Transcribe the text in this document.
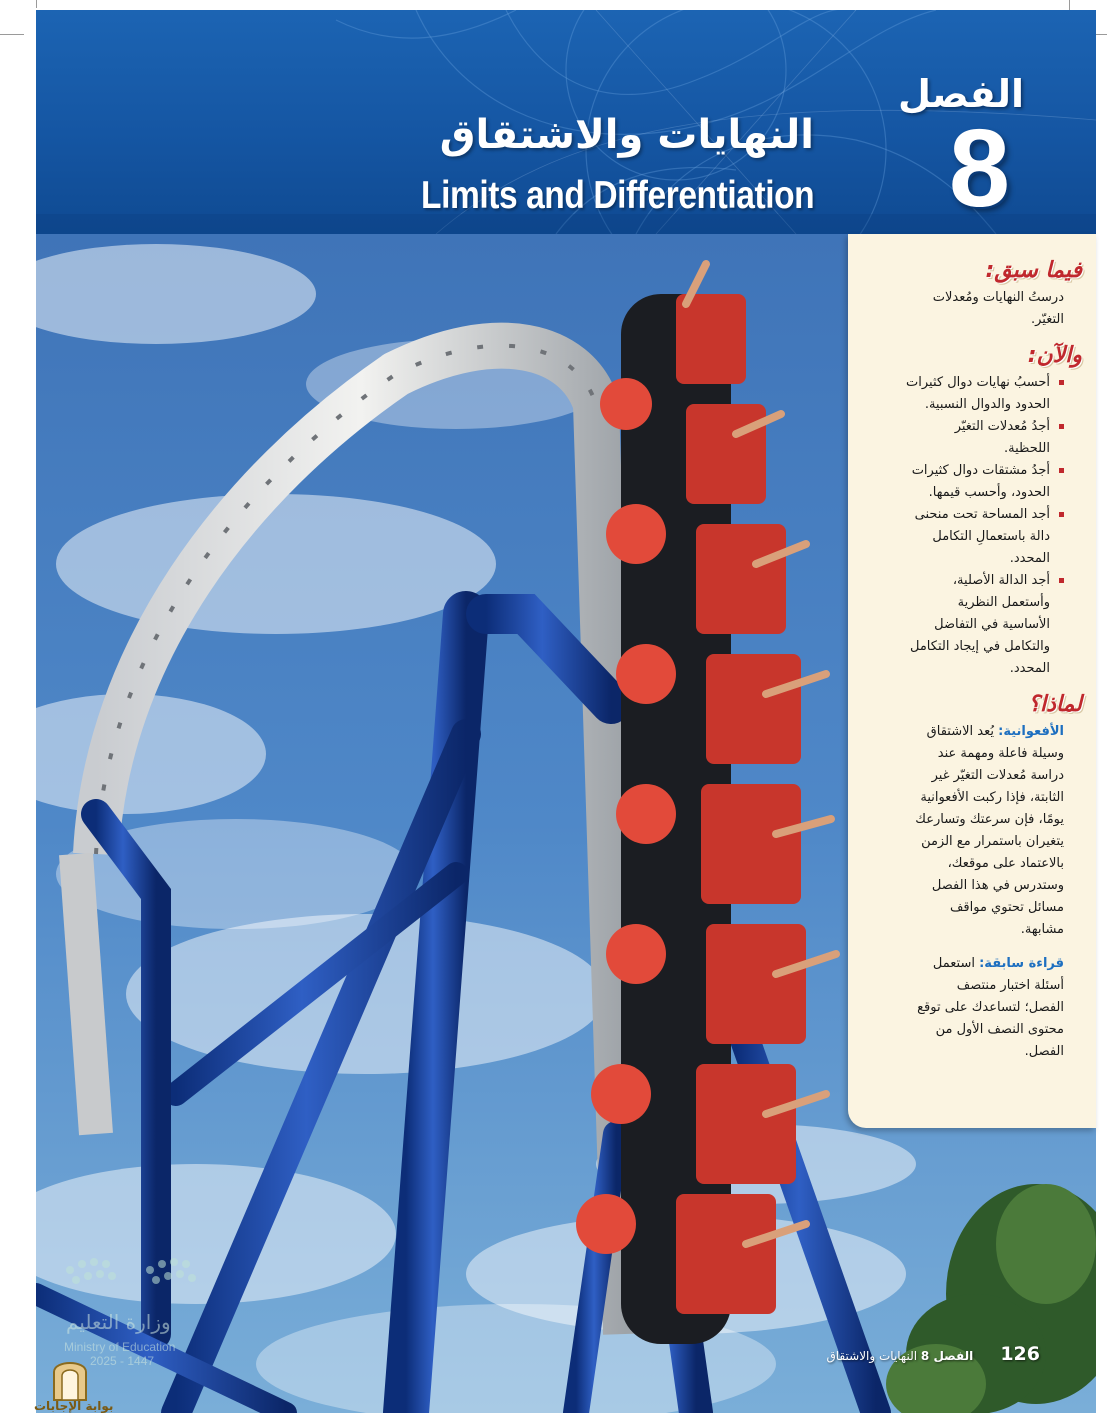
الفصل
8
النهايات والاشتقاق
Limits and Differentiation
فيما سبق:

درستُ النهايات ومُعدلات
التغيّر.

والآن:
أحسبُ نهايات دوال كثيرات
الحدود والدوال النسبية.
أجدُ مُعدلات التغيّر
اللحظية.
أجدُ مشتقات دوال كثيرات
الحدود، وأحسب قيمها.
أجد المساحة تحت منحنى
دالة باستعمالِ التكامل
المحدد.
أجد الدالة الأصلية،
وأستعمل النظرية
الأساسية في التفاضل
والتكامل في إيجاد التكامل
المحدد.
لماذا؟

الأفعوانية: يُعد الاشتقاق
وسيلة فاعلة ومهمة عند
دراسة مُعدلات التغيّر غير
الثابتة، فإذا ركبت الأفعوانية
يومًا، فإن سرعتك وتسارعك
يتغيران باستمرار مع الزمن
بالاعتماد على موقعك،
وستدرس في هذا الفصل
مسائل تحتوي مواقف
مشابهة.

قراءة سابقة: استعمل
أسئلة اختبار منتصف
الفصل؛ لتساعدك على توقع
محتوى النصف الأول من
الفصل.

126 الفصل 8 النهايات والاشتقاق
وزارة التعليم
Ministry of Education
2025 - 1447
بوابة الإجابات
